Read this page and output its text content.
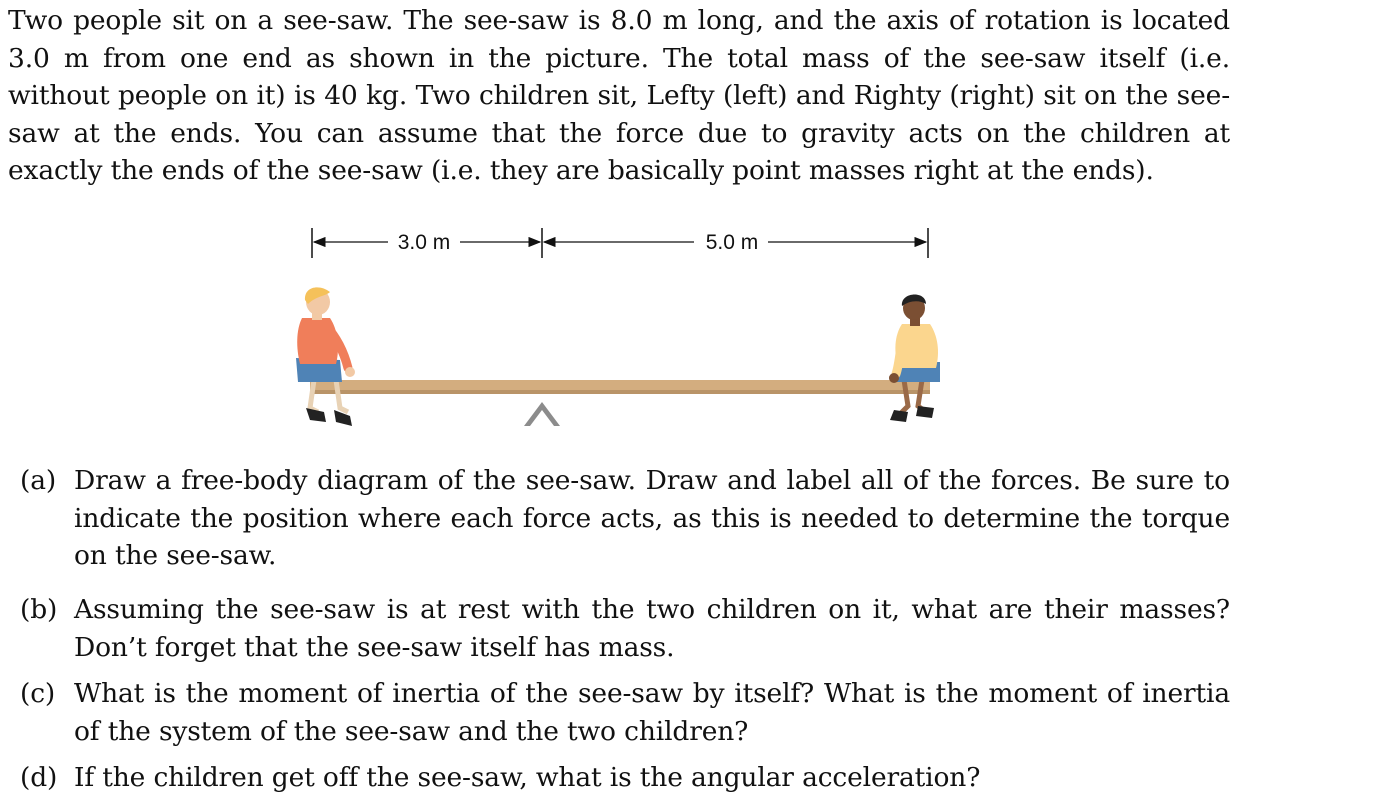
Two people sit on a see-saw. The see-saw is 8.0 m long, and the axis of rotation is located 3.0 m from one end as shown in the picture. The total mass of the see-saw itself (i.e. without people on it) is 40 kg. Two children sit, Lefty (left) and Righty (right) sit on the see-saw at the ends. You can assume that the force due to gravity acts on the children at exactly the ends of the see-saw (i.e. they are basically point masses right at the ends).

3.0 m	5.0 m
(a) Draw a free-body diagram of the see-saw. Draw and label all of the forces. Be sure to indicate the position where each force acts, as this is needed to determine the torque on the see-saw.
(b) Assuming the see-saw is at rest with the two children on it, what are their masses? Don’t forget that the see-saw itself has mass.
(c) What is the moment of inertia of the see-saw by itself? What is the moment of inertia of the system of the see-saw and the two children?
(d) If the children get off the see-saw, what is the angular acceleration?
